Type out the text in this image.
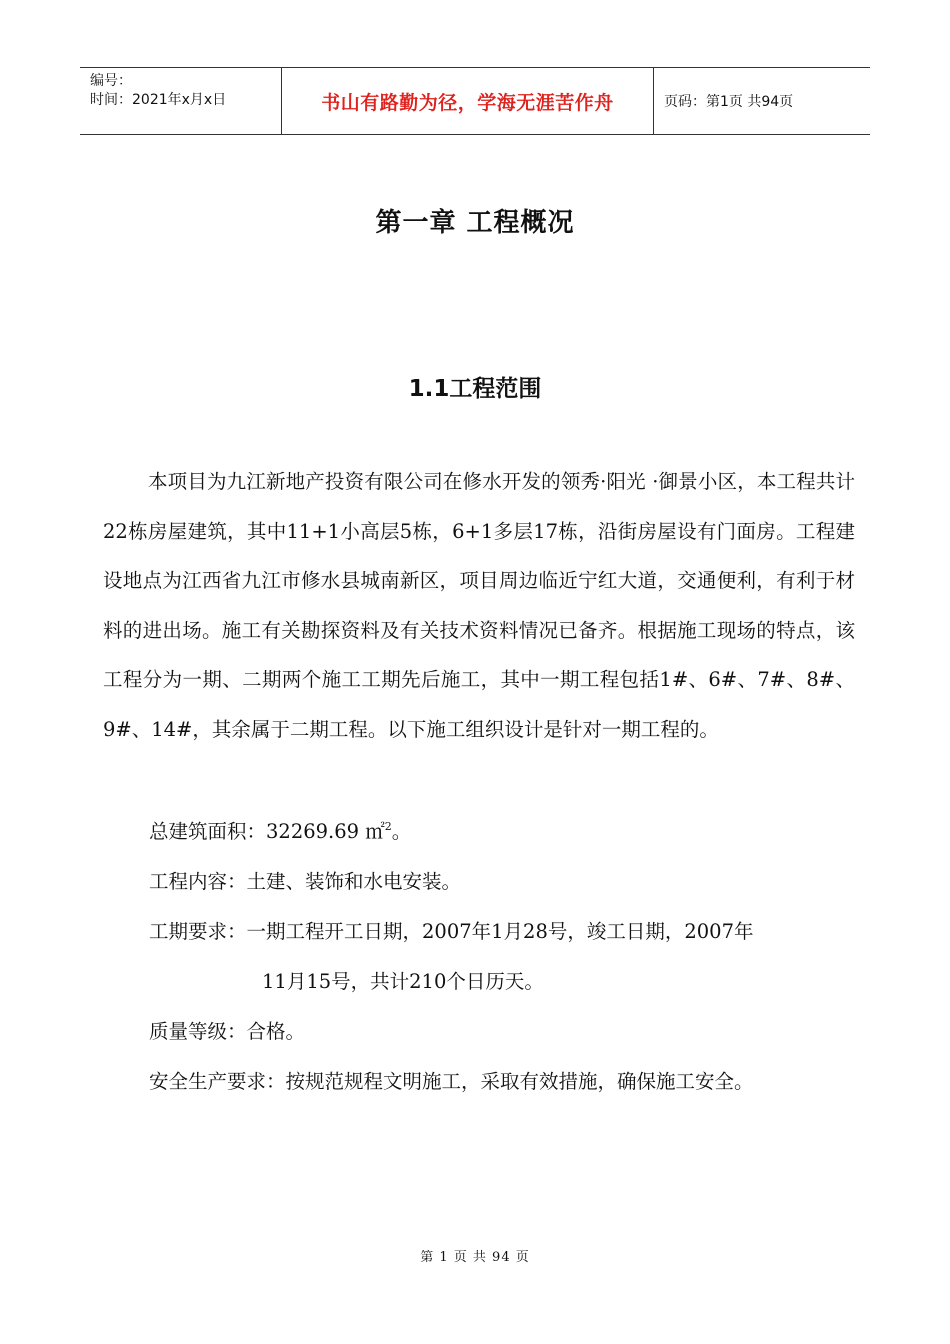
编号：
时间：2021年x月x日	书山有路勤为径，学海无涯苦作舟	页码：第1页 共94页
第一章 工程概况
1.1工程范围

本项目为九江新地产投资有限公司在修水开发的领秀·阳光 ·御景小区，本工程共计22栋房屋建筑，其中11+1小高层5栋，6+1多层17栋，沿街房屋设有门面房。工程建设地点为江西省九江市修水县城南新区，项目周边临近宁红大道，交通便利，有利于材料的进出场。施工有关勘探资料及有关技术资料情况已备齐。根据施工现场的特点，该工程分为一期、二期两个施工工期先后施工，其中一期工程包括1#、6#、7#、8#、9#、14#，其余属于二期工程。以下施工组织设计是针对一期工程的。

总建筑面积：32269.69 ㎡$^2$。

工程内容：土建、装饰和水电安装。

工期要求：一期工程开工日期，2007年1月28号，竣工日期，2007年

11月15号，共计210个日历天。

质量等级：合格。

安全生产要求：按规范规程文明施工，采取有效措施，确保施工安全。

第 1 页 共 94 页
